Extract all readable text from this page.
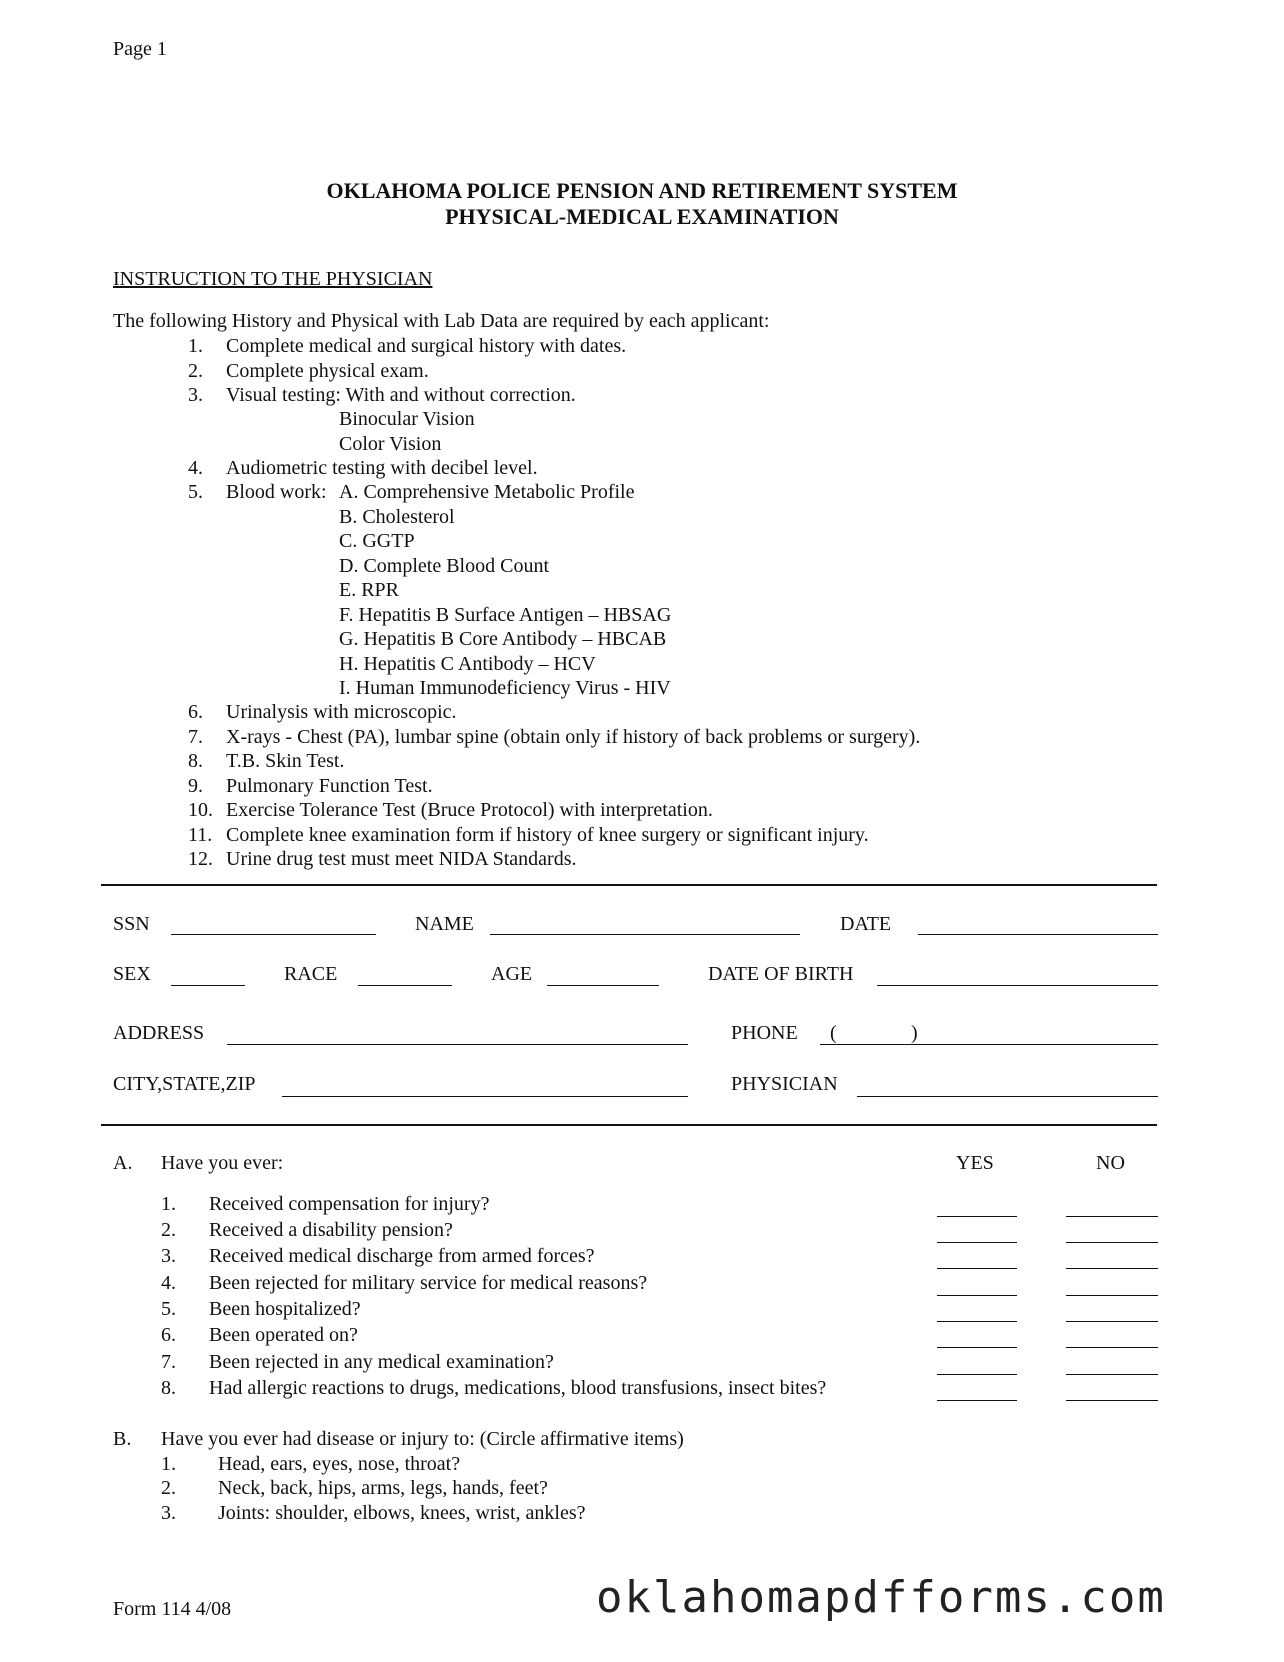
Page 1
OKLAHOMA POLICE PENSION AND RETIREMENT SYSTEM
PHYSICAL-MEDICAL EXAMINATION
INSTRUCTION TO THE PHYSICIAN
The following History and Physical with Lab Data are required by each applicant:
1. Complete medical and surgical history with dates.
2. Complete physical exam.
3. Visual testing: With and without correction.
Binocular Vision
Color Vision
4. Audiometric testing with decibel level.
5. Blood work: A. Comprehensive Metabolic Profile
B. Cholesterol
C. GGTP
D. Complete Blood Count
E. RPR
F. Hepatitis B Surface Antigen – HBSAG
G. Hepatitis B Core Antibody – HBCAB
H. Hepatitis C Antibody – HCV
I. Human Immunodeficiency Virus - HIV
6. Urinalysis with microscopic.
7. X-rays - Chest (PA), lumbar spine (obtain only if history of back problems or surgery).
8. T.B. Skin Test.
9. Pulmonary Function Test.
10. Exercise Tolerance Test (Bruce Protocol) with interpretation.
11. Complete knee examination form if history of knee surgery or significant injury.
12. Urine drug test must meet NIDA Standards.
SSN	NAME	DATE
SEX	RACE	AGE	DATE OF BIRTH
ADDRESS	PHONE (	)
CITY,STATE,ZIP	PHYSICIAN
A. Have you ever:	YES	NO
1. Received compensation for injury?
2. Received a disability pension?
3. Received medical discharge from armed forces?
4. Been rejected for military service for medical reasons?
5. Been hospitalized?
6. Been operated on?
7. Been rejected in any medical examination?
8. Had allergic reactions to drugs, medications, blood transfusions, insect bites?
B. Have you ever had disease or injury to: (Circle affirmative items)
1. Head, ears, eyes, nose, throat?
2. Neck, back, hips, arms, legs, hands, feet?
3. Joints: shoulder, elbows, knees, wrist, ankles?
Form 114 4/08	oklahomapdfforms.com
